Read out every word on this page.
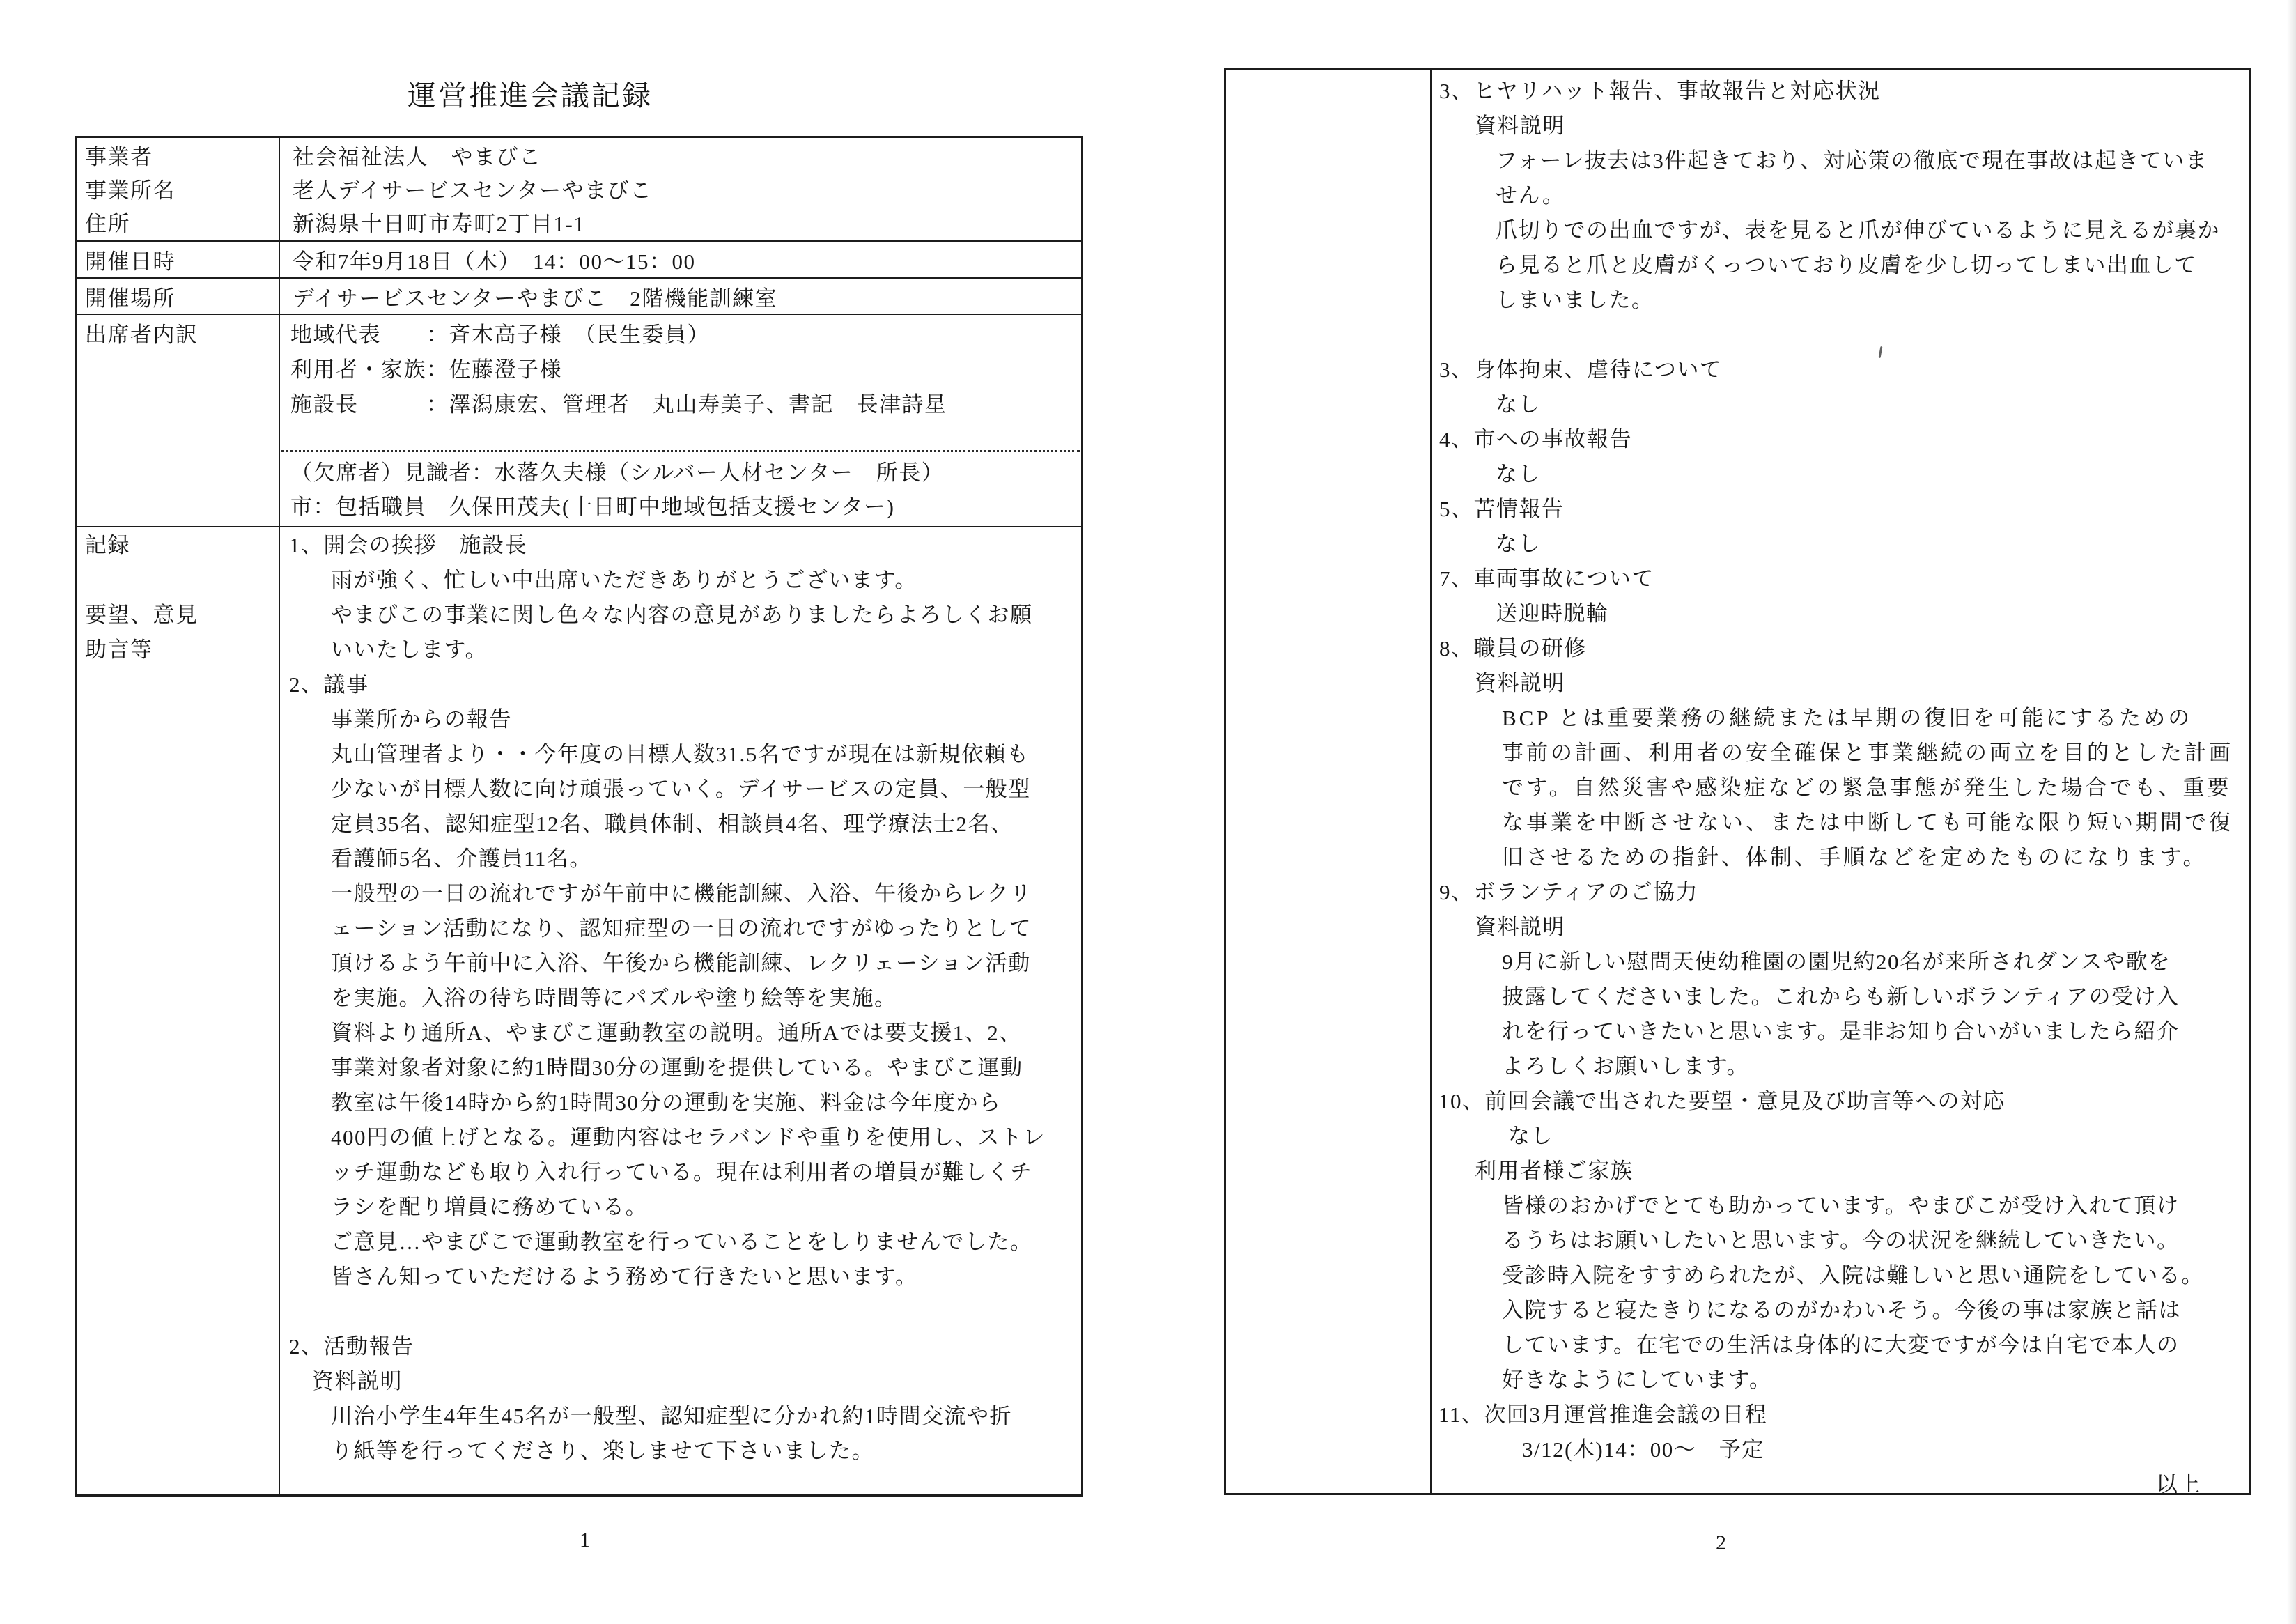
運営推進会議記録
事業者
事業所名
住所
開催日時
開催場所
出席者内訳
記録
要望、意見
助言等
社会福祉法人　やまびこ
老人デイサービスセンターやまびこ
新潟県十日町市寿町2丁目1-1
令和7年9月18日（木）　14：00～15：00
デイサービスセンターやまびこ　2階機能訓練室
地域代表　　：斉木高子様　（民生委員）
利用者・家族：佐藤澄子様
施設長　　　：澤潟康宏、管理者　丸山寿美子、書記　長津詩星
（欠席者）見識者：水落久夫様（シルバー人材センター　所長）
市：包括職員　久保田茂夫(十日町中地域包括支援センター)
1、開会の挨拶　施設長
雨が強く、忙しい中出席いただきありがとうございます。
やまびこの事業に関し色々な内容の意見がありましたらよろしくお願
いいたします。
2、議事
事業所からの報告
丸山管理者より・・今年度の目標人数31.5名ですが現在は新規依頼も
少ないが目標人数に向け頑張っていく。デイサービスの定員、一般型
定員35名、認知症型12名、職員体制、相談員4名、理学療法士2名、
看護師5名、介護員11名。
一般型の一日の流れですが午前中に機能訓練、入浴、午後からレクリ
ェーション活動になり、認知症型の一日の流れですがゆったりとして
頂けるよう午前中に入浴、午後から機能訓練、レクリェーション活動
を実施。入浴の待ち時間等にパズルや塗り絵等を実施。
資料より通所A、やまびこ運動教室の説明。通所Aでは要支援1、2、
事業対象者対象に約1時間30分の運動を提供している。やまびこ運動
教室は午後14時から約1時間30分の運動を実施、料金は今年度から
400円の値上げとなる。運動内容はセラバンドや重りを使用し、ストレ
ッチ運動なども取り入れ行っている。現在は利用者の増員が難しくチ
ラシを配り増員に務めている。
ご意見…やまびこで運動教室を行っていることをしりませんでした。
皆さん知っていただけるよう務めて行きたいと思います。
2、活動報告
資料説明
川治小学生4年生45名が一般型、認知症型に分かれ約1時間交流や折
り紙等を行ってくださり、楽しませて下さいました。
1
3、ヒヤリハット報告、事故報告と対応状況
資料説明
フォーレ抜去は3件起きており、対応策の徹底で現在事故は起きていま
せん。
爪切りでの出血ですが、表を見ると爪が伸びているように見えるが裏か
ら見ると爪と皮膚がくっついており皮膚を少し切ってしまい出血して
しまいました。
3、身体拘束、虐待について
なし
4、市への事故報告
なし
5、苦情報告
なし
7、車両事故について
送迎時脱輪
8、職員の研修
資料説明
BCP とは重要業務の継続または早期の復旧を可能にするための
事前の計画、利用者の安全確保と事業継続の両立を目的とした計画
です。自然災害や感染症などの緊急事態が発生した場合でも、重要
な事業を中断させない、または中断しても可能な限り短い期間で復
旧させるための指針、体制、手順などを定めたものになります。
9、ボランティアのご協力
資料説明
9月に新しい慰問天使幼稚園の園児約20名が来所されダンスや歌を
披露してくださいました。これからも新しいボランティアの受け入
れを行っていきたいと思います。是非お知り合いがいましたら紹介
よろしくお願いします。
10、前回会議で出された要望・意見及び助言等への対応
なし
利用者様ご家族
皆様のおかげでとても助かっています。やまびこが受け入れて頂け
るうちはお願いしたいと思います。今の状況を継続していきたい。
受診時入院をすすめられたが、入院は難しいと思い通院をしている。
入院すると寝たきりになるのがかわいそう。今後の事は家族と話は
しています。在宅での生活は身体的に大変ですが今は自宅で本人の
好きなようにしています。
11、次回3月運営推進会議の日程
3/12(木)14：00～　予定
以上
2
